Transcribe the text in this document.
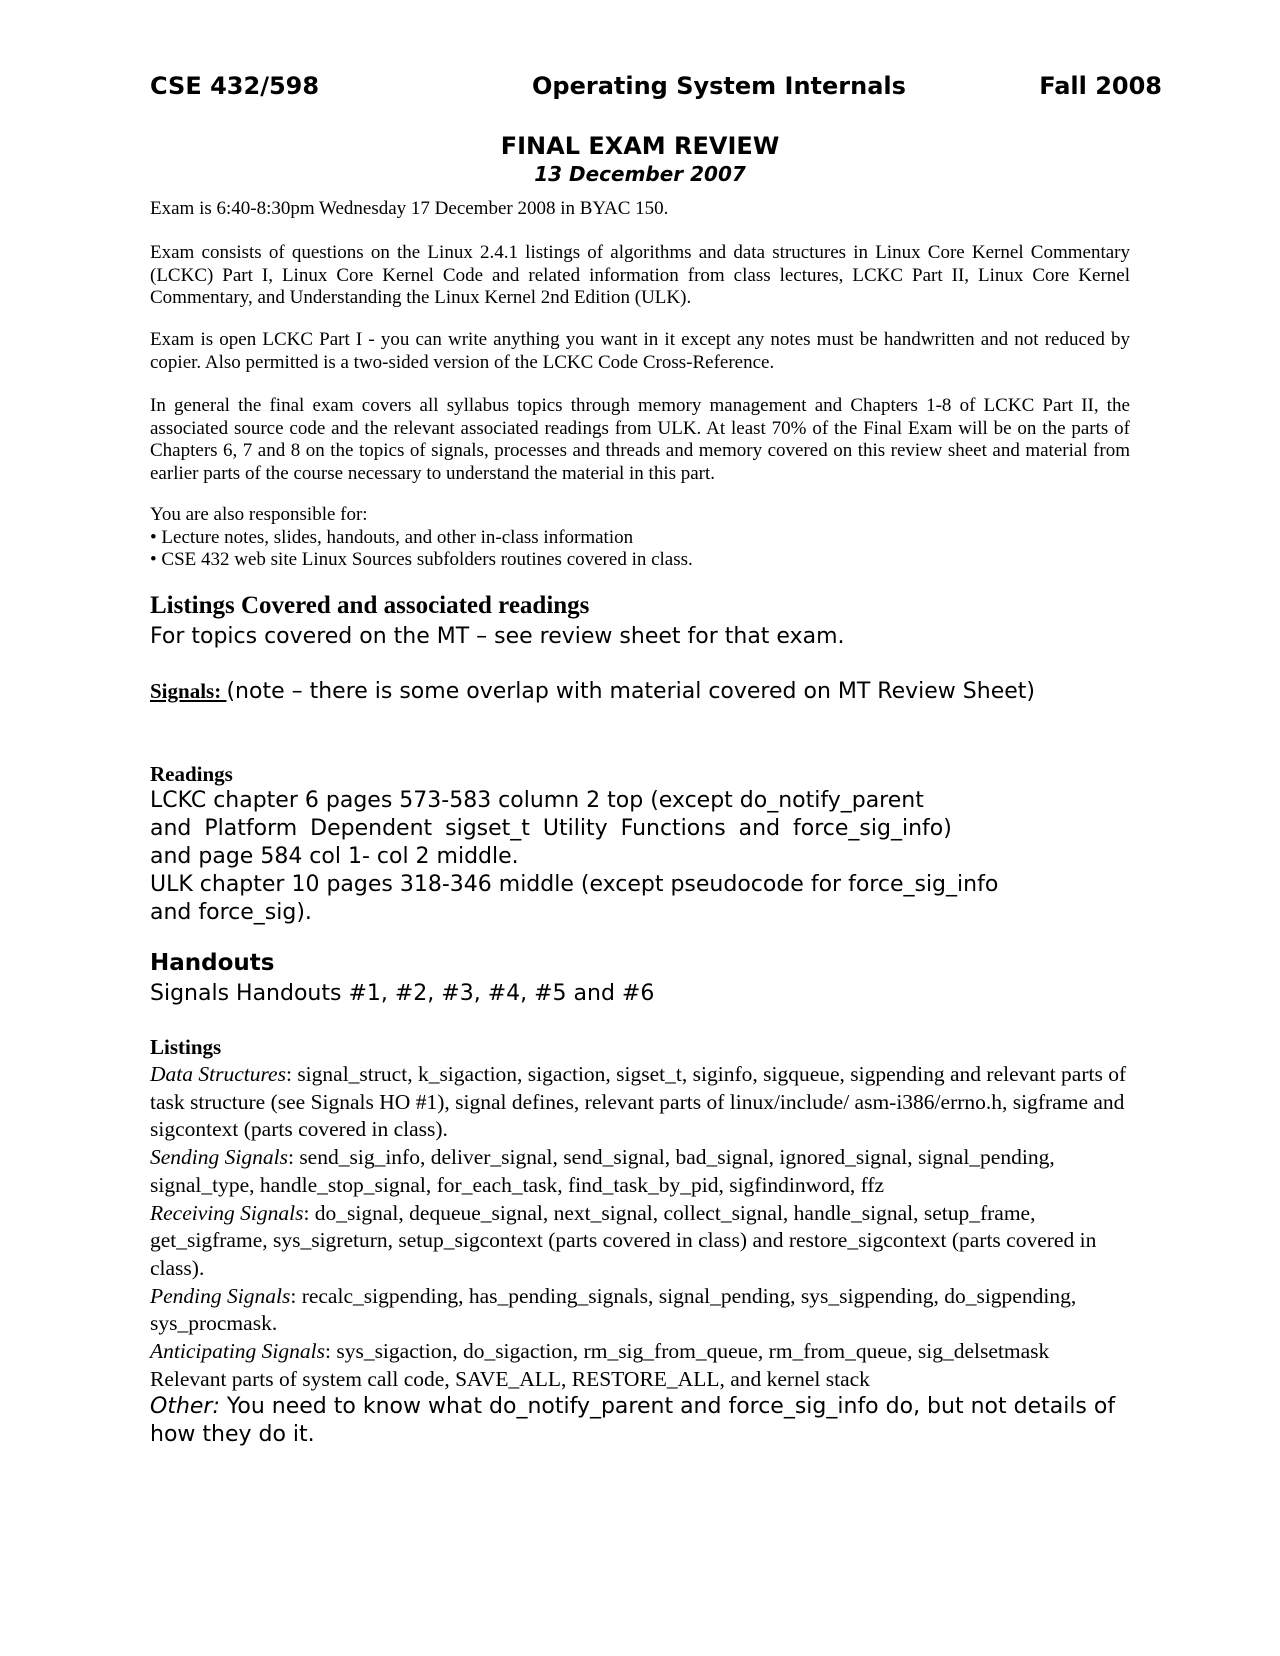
CSE 432/598	Operating System Internals	Fall 2008
FINAL EXAM REVIEW
13 December 2007
Exam is 6:40-8:30pm Wednesday 17 December 2008 in BYAC 150.
Exam consists of questions on the Linux 2.4.1 listings of algorithms and data structures in Linux Core Kernel Commentary (LCKC) Part I, Linux Core Kernel Code and related information from class lectures, LCKC Part II, Linux Core Kernel Commentary, and Understanding the Linux Kernel 2nd Edition (ULK).
Exam is open LCKC Part I - you can write anything you want in it except any notes must be handwritten and not reduced by copier. Also permitted is a two-sided version of the LCKC Code Cross-Reference.
In general the final exam covers all syllabus topics through memory management and Chapters 1-8 of LCKC Part II, the associated source code and the relevant associated readings from ULK. At least 70% of the Final Exam will be on the parts of Chapters 6, 7 and 8 on the topics of signals, processes and threads and memory covered on this review sheet and material from earlier parts of the course necessary to understand the material in this part.
You are also responsible for:
• Lecture notes, slides, handouts, and other in-class information
• CSE 432 web site Linux Sources subfolders routines covered in class.
Listings Covered and associated readings
For topics covered on the MT – see review sheet for that exam.
Signals: (note – there is some overlap with material covered on MT Review Sheet)
Readings
LCKC chapter 6 pages 573-583 column 2 top (except do_notify_parent
and Platform Dependent sigset_t Utility Functions and force_sig_info)
and page 584 col 1- col 2 middle.
ULK chapter 10 pages 318-346 middle (except pseudocode for force_sig_info
and force_sig).
Handouts
Signals Handouts #1, #2, #3, #4, #5 and #6
Listings
Data Structures: signal_struct, k_sigaction, sigaction, sigset_t, siginfo, sigqueue, sigpending and relevant parts of task structure (see Signals HO #1), signal defines, relevant parts of linux/include/ asm-i386/errno.h, sigframe and sigcontext (parts covered in class).
Sending Signals: send_sig_info, deliver_signal, send_signal, bad_signal, ignored_signal, signal_pending, signal_type, handle_stop_signal, for_each_task, find_task_by_pid, sigfindinword, ffz
Receiving Signals: do_signal, dequeue_signal, next_signal, collect_signal, handle_signal, setup_frame, get_sigframe, sys_sigreturn, setup_sigcontext (parts covered in class) and restore_sigcontext (parts covered in class).
Pending Signals: recalc_sigpending, has_pending_signals, signal_pending, sys_sigpending, do_sigpending, sys_procmask.
Anticipating Signals: sys_sigaction, do_sigaction, rm_sig_from_queue, rm_from_queue, sig_delsetmask
Relevant parts of system call code, SAVE_ALL, RESTORE_ALL, and kernel stack
Other: You need to know what do_notify_parent and force_sig_info do, but not details of how they do it.
